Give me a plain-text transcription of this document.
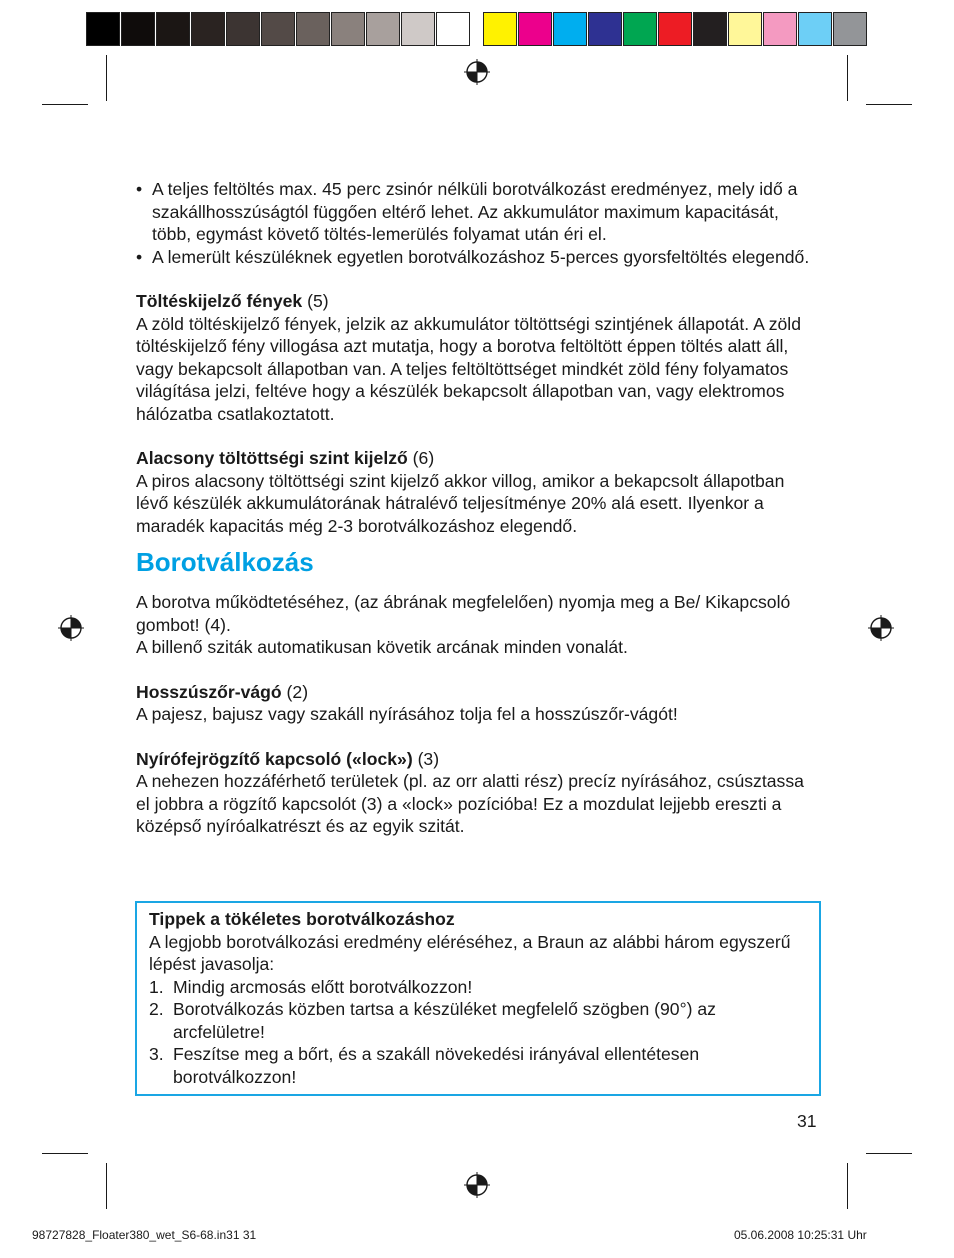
• A teljes feltöltés max. 45 perc zsinór nélküli borotválkozást eredményez, mely idő a szakállhosszúságtól függően eltérő lehet. Az akkumulátor maximum kapacitását, több, egymást követő töltés-lemerülés folyamat után éri el.
• A lemerült készüléknek egyetlen borotválkozáshoz 5-perces gyorsfeltöltés elegendő.

Töltéskijelző fények (5)
A zöld töltéskijelző fények, jelzik az akkumulátor töltöttségi szintjének állapotát. A zöld töltéskijelző fény villogása azt mutatja, hogy a borotva feltöltött éppen töltés alatt áll, vagy bekapcsolt állapotban van. A teljes feltöltöttséget mindkét zöld fény folyamatos világítása jelzi, feltéve hogy a készülék bekapcsolt állapotban van, vagy elektromos hálózatba csatlakoztatott.

Alacsony töltöttségi szint kijelző (6)
A piros alacsony töltöttségi szint kijelző akkor villog, amikor a bekapcsolt állapotban lévő készülék akkumulátorának hátralévő teljesítménye 20% alá esett. Ilyenkor a maradék kapacitás még 2-3 borotválkozáshoz elegendő.

Borotválkozás

A borotva működtetéséhez, (az ábrának megfelelően) nyomja meg a Be/ Kikapcsoló gombot! (4).
A billenő sziták automatikusan követik arcának minden vonalát.

Hosszúszőr-vágó (2)
A pajesz, bajusz vagy szakáll nyírásához tolja fel a hosszúszőr-vágót!

Nyírófejrögzítő kapcsoló («lock») (3)
A nehezen hozzáférhető területek (pl. az orr alatti rész) precíz nyírásához, csúsztassa el jobbra a rögzítő kapcsolót (3) a «lock» pozícióba! Ez a mozdulat lejjebb ereszti a középső nyíróalkatrészt és az egyik szitát.

Tippek a tökéletes borotválkozáshoz
A legjobb borotválkozási eredmény eléréséhez, a Braun az alábbi három egyszerű lépést javasolja:
1. Mindig arcmosás előtt borotválkozzon!
2. Borotválkozás közben tartsa a készüléket megfelelő szögben (90°) az arcfelületre!
3. Feszítse meg a bőrt, és a szakáll növekedési irányával ellentétesen borotválkozzon!
31
98727828_Floater380_wet_S6-68.in31 31	05.06.2008 10:25:31 Uhr
